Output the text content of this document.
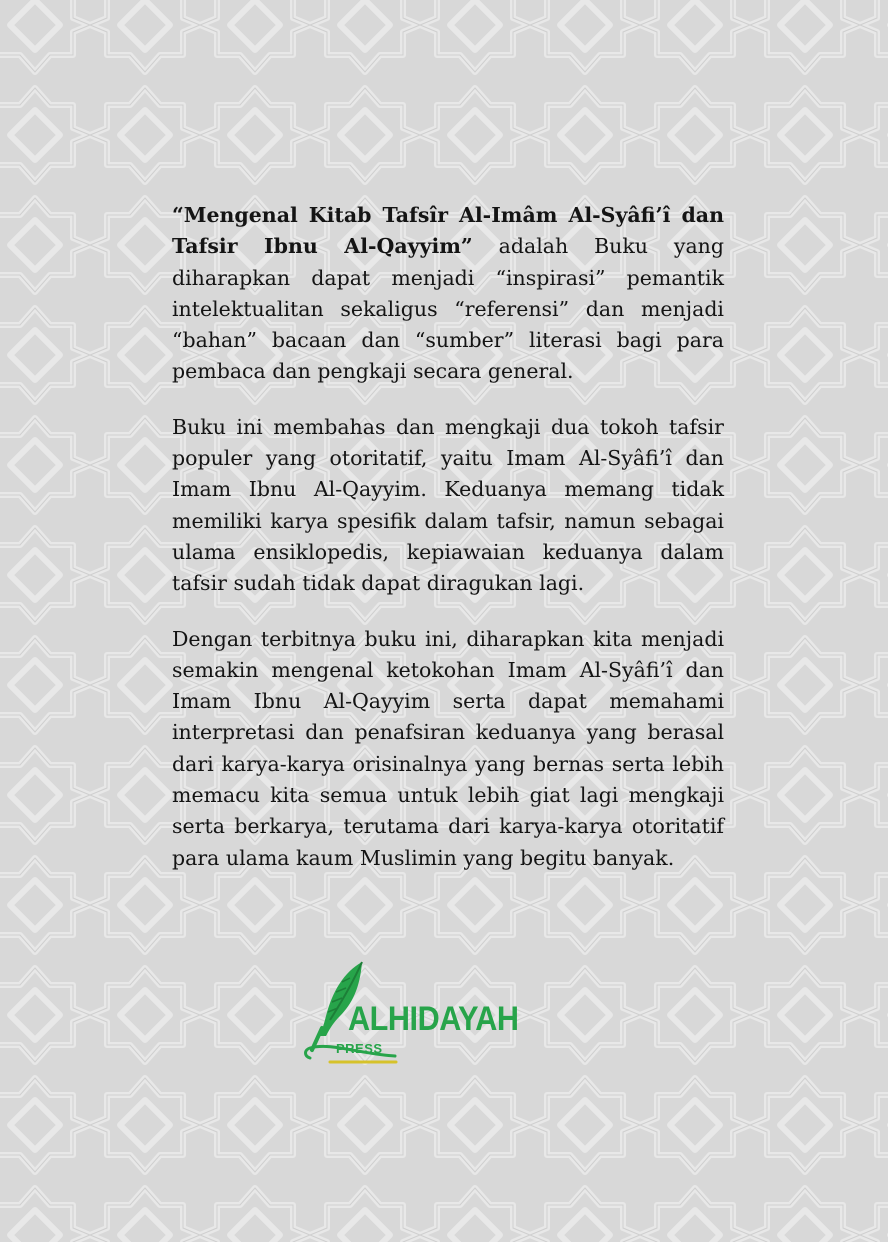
“Mengenal Kitab Tafsîr Al-Imâm Al-Syâfi’î dan Tafsir Ibnu Al-Qayyim” adalah Buku yang diharapkan dapat menjadi “inspirasi” pemantik intelektualitan sekaligus “referensi” dan menjadi “bahan” bacaan dan “sumber” literasi bagi para pembaca dan pengkaji secara general.

Buku ini membahas dan mengkaji dua tokoh tafsir populer yang otoritatif, yaitu Imam Al-Syâfi’î dan Imam Ibnu Al-Qayyim. Keduanya memang tidak memiliki karya spesifik dalam tafsir, namun sebagai ulama ensiklopedis, kepiawaian keduanya dalam tafsir sudah tidak dapat diragukan lagi.

Dengan terbitnya buku ini, diharapkan kita menjadi semakin mengenal ketokohan Imam Al-Syâfi’î dan Imam Ibnu Al-Qayyim serta dapat memahami interpretasi dan penafsiran keduanya yang berasal dari karya-karya orisinalnya yang bernas serta lebih memacu kita semua untuk lebih giat lagi mengkaji serta berkarya, terutama dari karya-karya otoritatif para ulama kaum Muslimin yang begitu banyak.

ALHIDAYAH
PRESS
